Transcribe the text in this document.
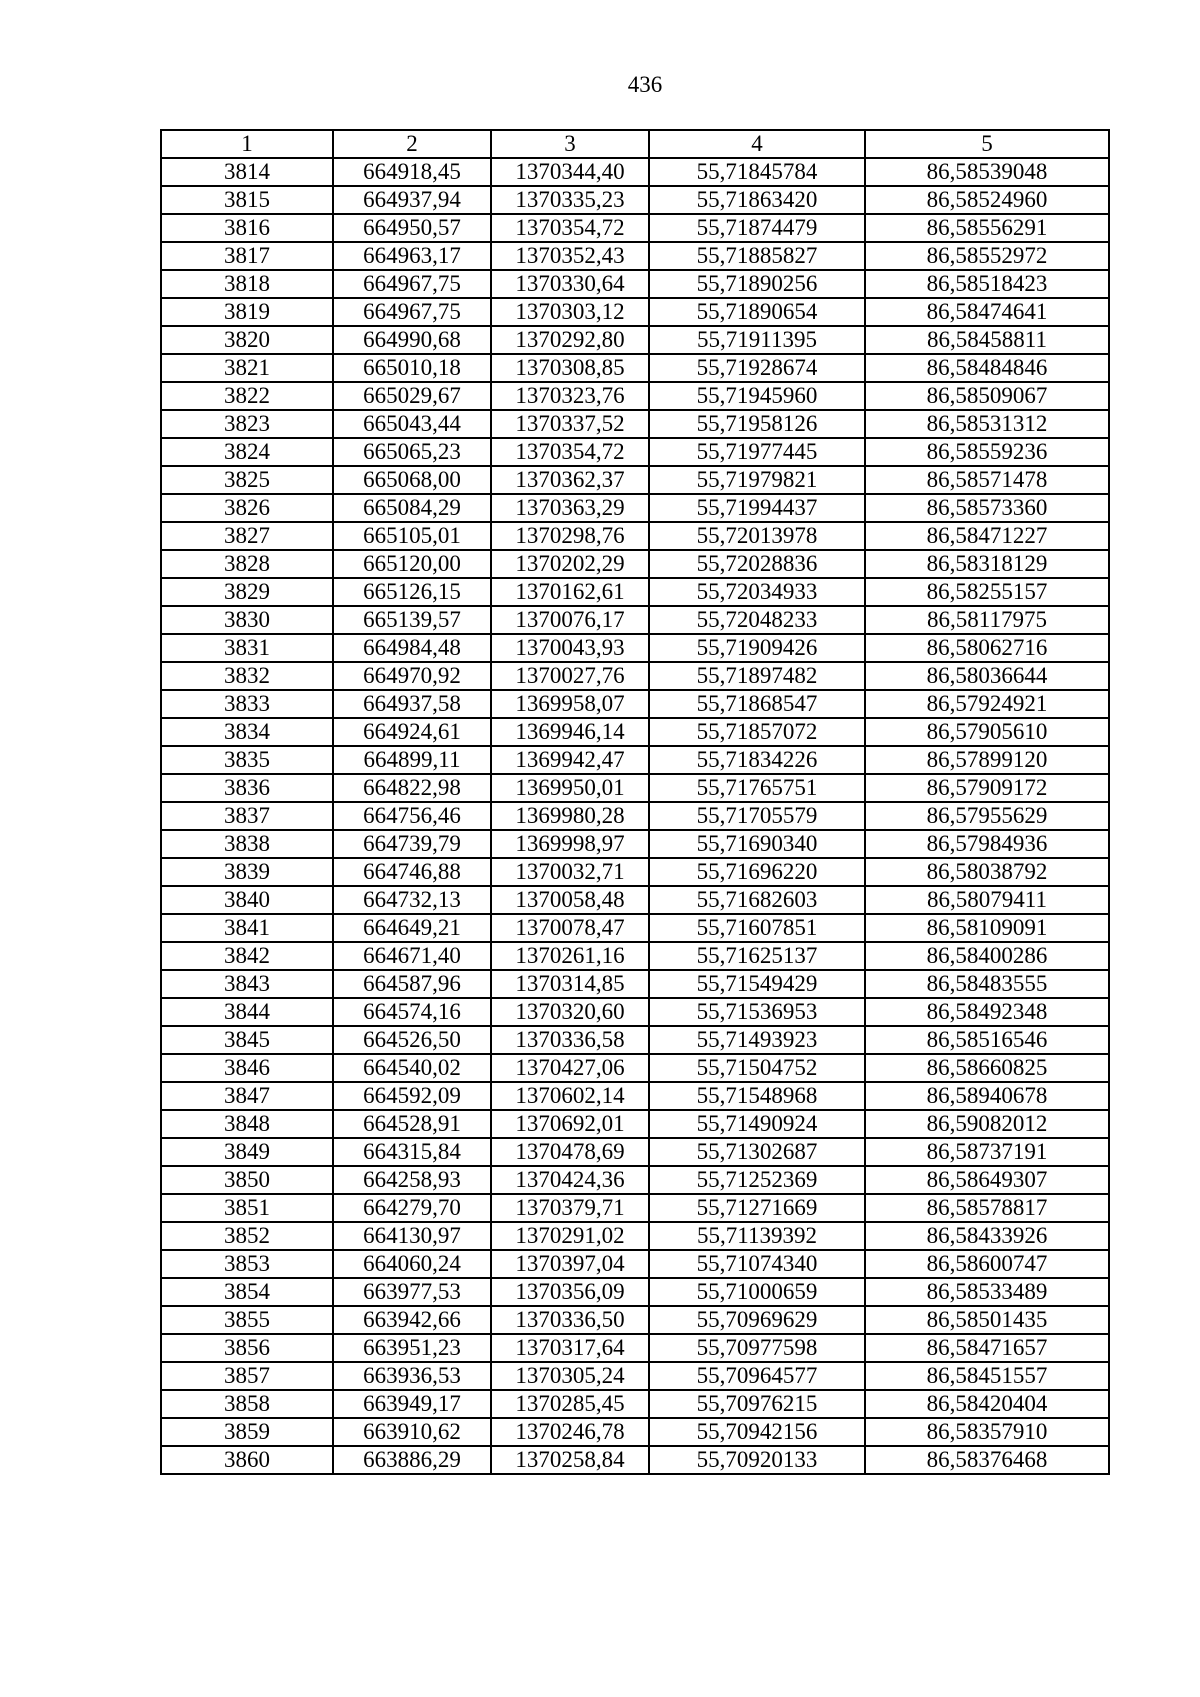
436
1	2	3	4	5
3814	664918,45	1370344,40	55,71845784	86,58539048
3815	664937,94	1370335,23	55,71863420	86,58524960
3816	664950,57	1370354,72	55,71874479	86,58556291
3817	664963,17	1370352,43	55,71885827	86,58552972
3818	664967,75	1370330,64	55,71890256	86,58518423
3819	664967,75	1370303,12	55,71890654	86,58474641
3820	664990,68	1370292,80	55,71911395	86,58458811
3821	665010,18	1370308,85	55,71928674	86,58484846
3822	665029,67	1370323,76	55,71945960	86,58509067
3823	665043,44	1370337,52	55,71958126	86,58531312
3824	665065,23	1370354,72	55,71977445	86,58559236
3825	665068,00	1370362,37	55,71979821	86,58571478
3826	665084,29	1370363,29	55,71994437	86,58573360
3827	665105,01	1370298,76	55,72013978	86,58471227
3828	665120,00	1370202,29	55,72028836	86,58318129
3829	665126,15	1370162,61	55,72034933	86,58255157
3830	665139,57	1370076,17	55,72048233	86,58117975
3831	664984,48	1370043,93	55,71909426	86,58062716
3832	664970,92	1370027,76	55,71897482	86,58036644
3833	664937,58	1369958,07	55,71868547	86,57924921
3834	664924,61	1369946,14	55,71857072	86,57905610
3835	664899,11	1369942,47	55,71834226	86,57899120
3836	664822,98	1369950,01	55,71765751	86,57909172
3837	664756,46	1369980,28	55,71705579	86,57955629
3838	664739,79	1369998,97	55,71690340	86,57984936
3839	664746,88	1370032,71	55,71696220	86,58038792
3840	664732,13	1370058,48	55,71682603	86,58079411
3841	664649,21	1370078,47	55,71607851	86,58109091
3842	664671,40	1370261,16	55,71625137	86,58400286
3843	664587,96	1370314,85	55,71549429	86,58483555
3844	664574,16	1370320,60	55,71536953	86,58492348
3845	664526,50	1370336,58	55,71493923	86,58516546
3846	664540,02	1370427,06	55,71504752	86,58660825
3847	664592,09	1370602,14	55,71548968	86,58940678
3848	664528,91	1370692,01	55,71490924	86,59082012
3849	664315,84	1370478,69	55,71302687	86,58737191
3850	664258,93	1370424,36	55,71252369	86,58649307
3851	664279,70	1370379,71	55,71271669	86,58578817
3852	664130,97	1370291,02	55,71139392	86,58433926
3853	664060,24	1370397,04	55,71074340	86,58600747
3854	663977,53	1370356,09	55,71000659	86,58533489
3855	663942,66	1370336,50	55,70969629	86,58501435
3856	663951,23	1370317,64	55,70977598	86,58471657
3857	663936,53	1370305,24	55,70964577	86,58451557
3858	663949,17	1370285,45	55,70976215	86,58420404
3859	663910,62	1370246,78	55,70942156	86,58357910
3860	663886,29	1370258,84	55,70920133	86,58376468
